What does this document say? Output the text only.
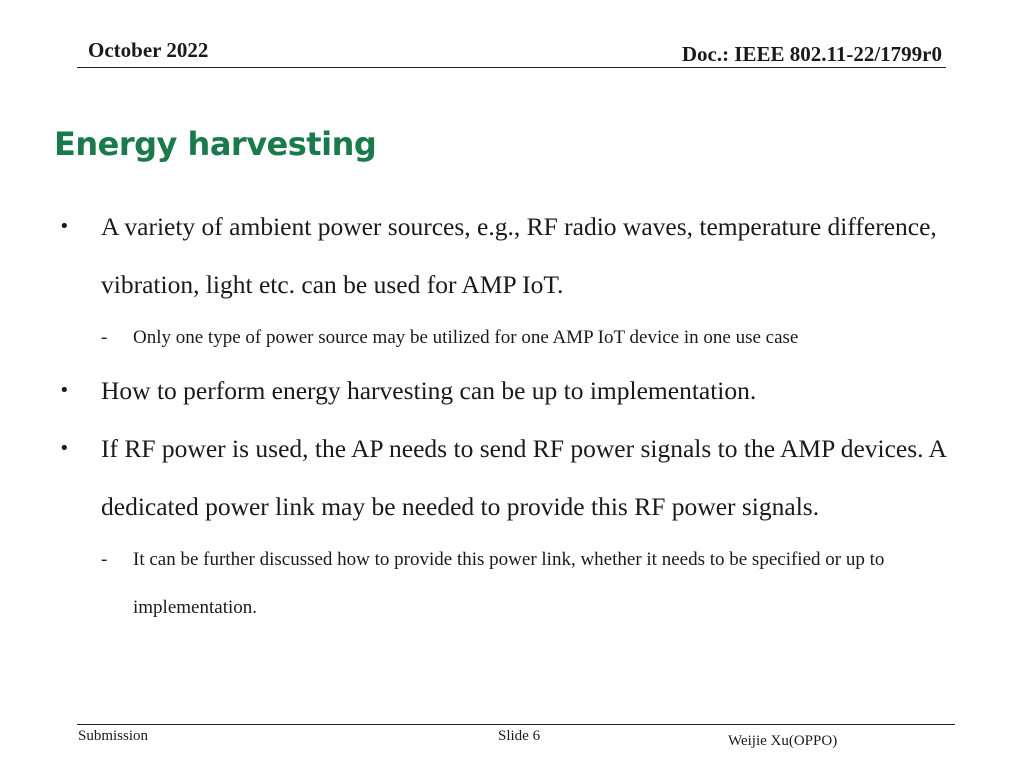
October 2022	Doc.: IEEE 802.11-22/1799r0
Energy harvesting
• A variety of ambient power sources, e.g., RF radio waves, temperature difference, vibration, light etc. can be used for AMP IoT.
- Only one type of power source may be utilized for one AMP IoT device in one use case
• How to perform energy harvesting can be up to implementation.
• If RF power is used, the AP needs to send RF power signals to the AMP devices. A dedicated power link may be needed to provide this RF power signals.
- It can be further discussed how to provide this power link, whether it needs to be specified or up to implementation.
Submission	Slide 6	Weijie Xu(OPPO)
